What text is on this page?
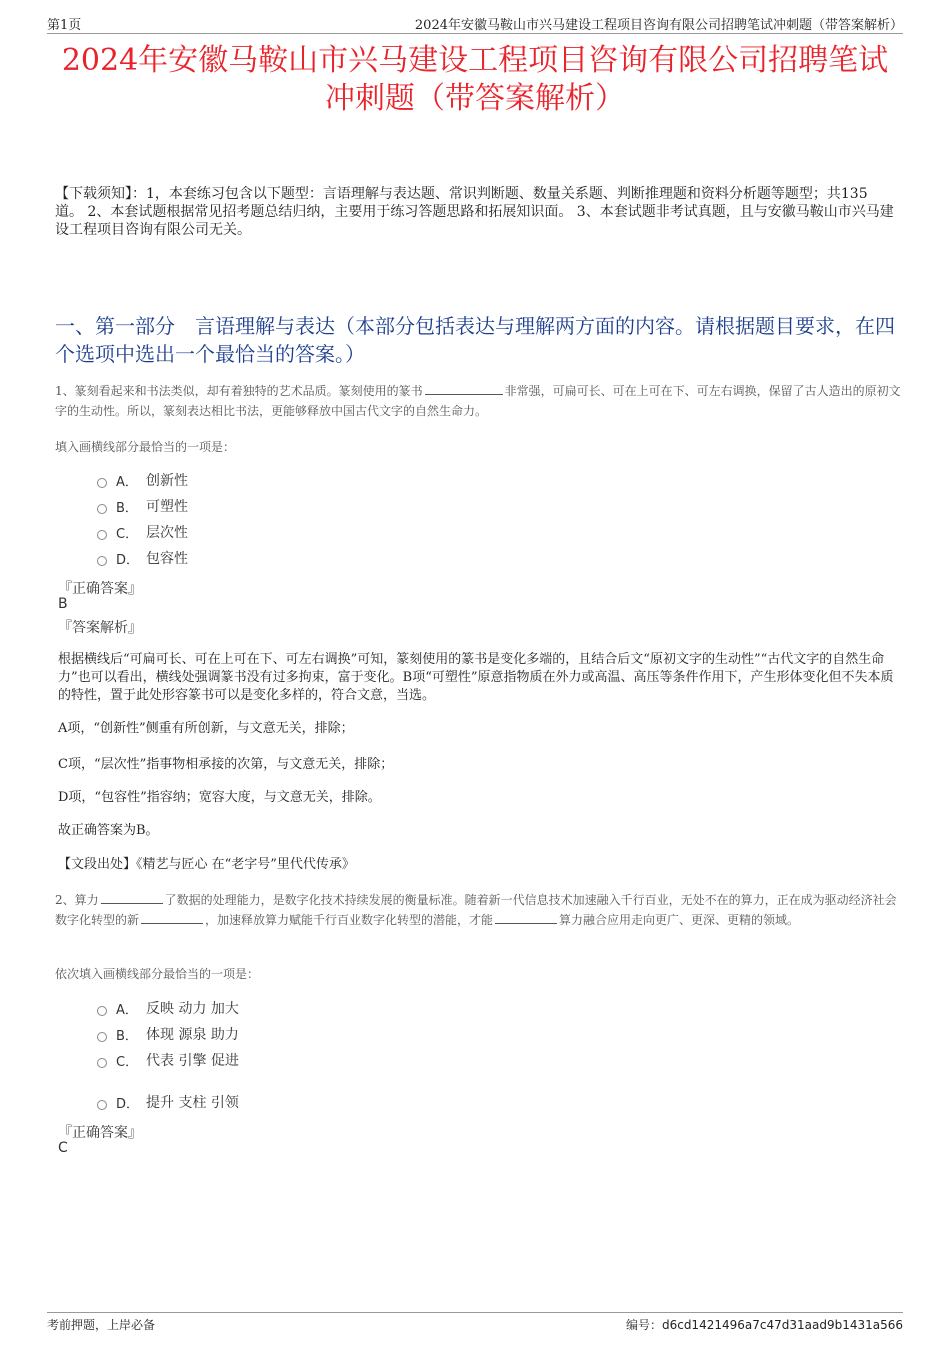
第1页	2024年安徽马鞍山市兴马建设工程项目咨询有限公司招聘笔试冲刺题（带答案解析）
2024年安徽马鞍山市兴马建设工程项目咨询有限公司招聘笔试冲刺题（带答案解析）
【下载须知】：1，本套练习包含以下题型：言语理解与表达题、常识判断题、数量关系题、判断推理题和资料分析题等题型；共135道。 2、本套试题根据常见招考题总结归纳，主要用于练习答题思路和拓展知识面。 3、本套试题非考试真题，且与安徽马鞍山市兴马建设工程项目咨询有限公司无关。
一、第一部分　言语理解与表达（本部分包括表达与理解两方面的内容。请根据题目要求，在四个选项中选出一个最恰当的答案。）
1、篆刻看起来和书法类似，却有着独特的艺术品质。篆刻使用的篆书	非常强，可扁可长、可在上可在下、可左右调换，保留了古人造出的原初文字的生动性。所以，篆刻表达相比书法，更能够释放中国古代文字的自然生命力。
填入画横线部分最恰当的一项是：
A． 创新性
B． 可塑性
C． 层次性
D． 包容性
『正确答案』
B
『答案解析』
根据横线后“可扁可长、可在上可在下、可左右调换”可知，篆刻使用的篆书是变化多端的，且结合后文“原初文字的生动性”“古代文字的自然生命力”也可以看出，横线处强调篆书没有过多拘束，富于变化。B项“可塑性”原意指物质在外力或高温、高压等条件作用下，产生形体变化但不失本质的特性，置于此处形容篆书可以是变化多样的，符合文意，当选。
A项，“创新性”侧重有所创新，与文意无关，排除；
C项，“层次性”指事物相承接的次第，与文意无关，排除；
D项，“包容性”指容纳；宽容大度，与文意无关，排除。
故正确答案为B。
【文段出处】《精艺与匠心 在“老字号”里代代传承》
2、算力	了数据的处理能力，是数字化技术持续发展的衡量标准。随着新一代信息技术加速融入千行百业，无处不在的算力，正在成为驱动经济社会数字化转型的新	，加速释放算力赋能千行百业数字化转型的潜能，才能	算力融合应用走向更广、更深、更精的领域。
依次填入画横线部分最恰当的一项是：
A． 反映 动力 加大
B． 体现 源泉 助力
C． 代表 引擎 促进
D． 提升 支柱 引领
『正确答案』
C
考前押题，上岸必备	编号：d6cd1421496a7c47d31aad9b1431a566
